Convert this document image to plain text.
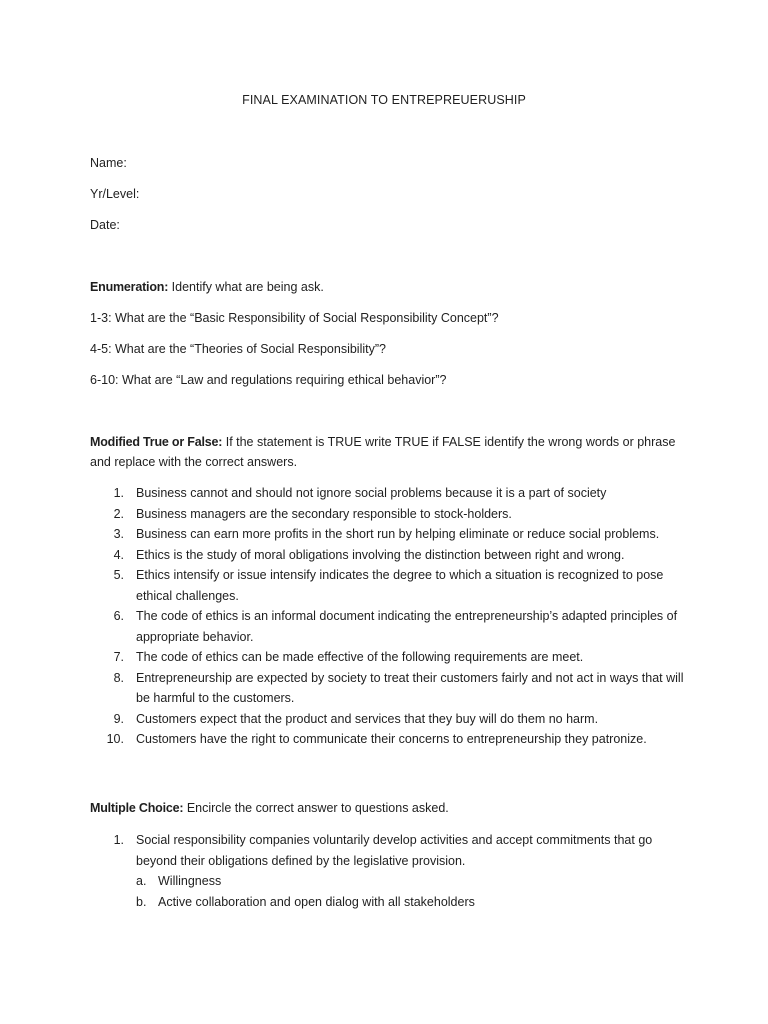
FINAL EXAMINATION TO ENTREPREUERUSHIP
Name:
Yr/Level:
Date:
Enumeration: Identify what are being ask.
1-3: What are the “Basic Responsibility of Social Responsibility Concept”?
4-5: What are the “Theories of Social Responsibility”?
6-10: What are “Law and regulations requiring ethical behavior”?
Modified True or False: If the statement is TRUE write TRUE if FALSE identify the wrong words or phrase and replace with the correct answers.
1. Business cannot and should not ignore social problems because it is a part of society
2. Business managers are the secondary responsible to stock-holders.
3. Business can earn more profits in the short run by helping eliminate or reduce social problems.
4. Ethics is the study of moral obligations involving the distinction between right and wrong.
5. Ethics intensify or issue intensify indicates the degree to which a situation is recognized to pose ethical challenges.
6. The code of ethics is an informal document indicating the entrepreneurship’s adapted principles of appropriate behavior.
7. The code of ethics can be made effective of the following requirements are meet.
8. Entrepreneurship are expected by society to treat their customers fairly and not act in ways that will be harmful to the customers.
9. Customers expect that the product and services that they buy will do them no harm.
10. Customers have the right to communicate their concerns to entrepreneurship they patronize.
Multiple Choice: Encircle the correct answer to questions asked.
1. Social responsibility companies voluntarily develop activities and accept commitments that go beyond their obligations defined by the legislative provision.
a. Willingness
b. Active collaboration and open dialog with all stakeholders
